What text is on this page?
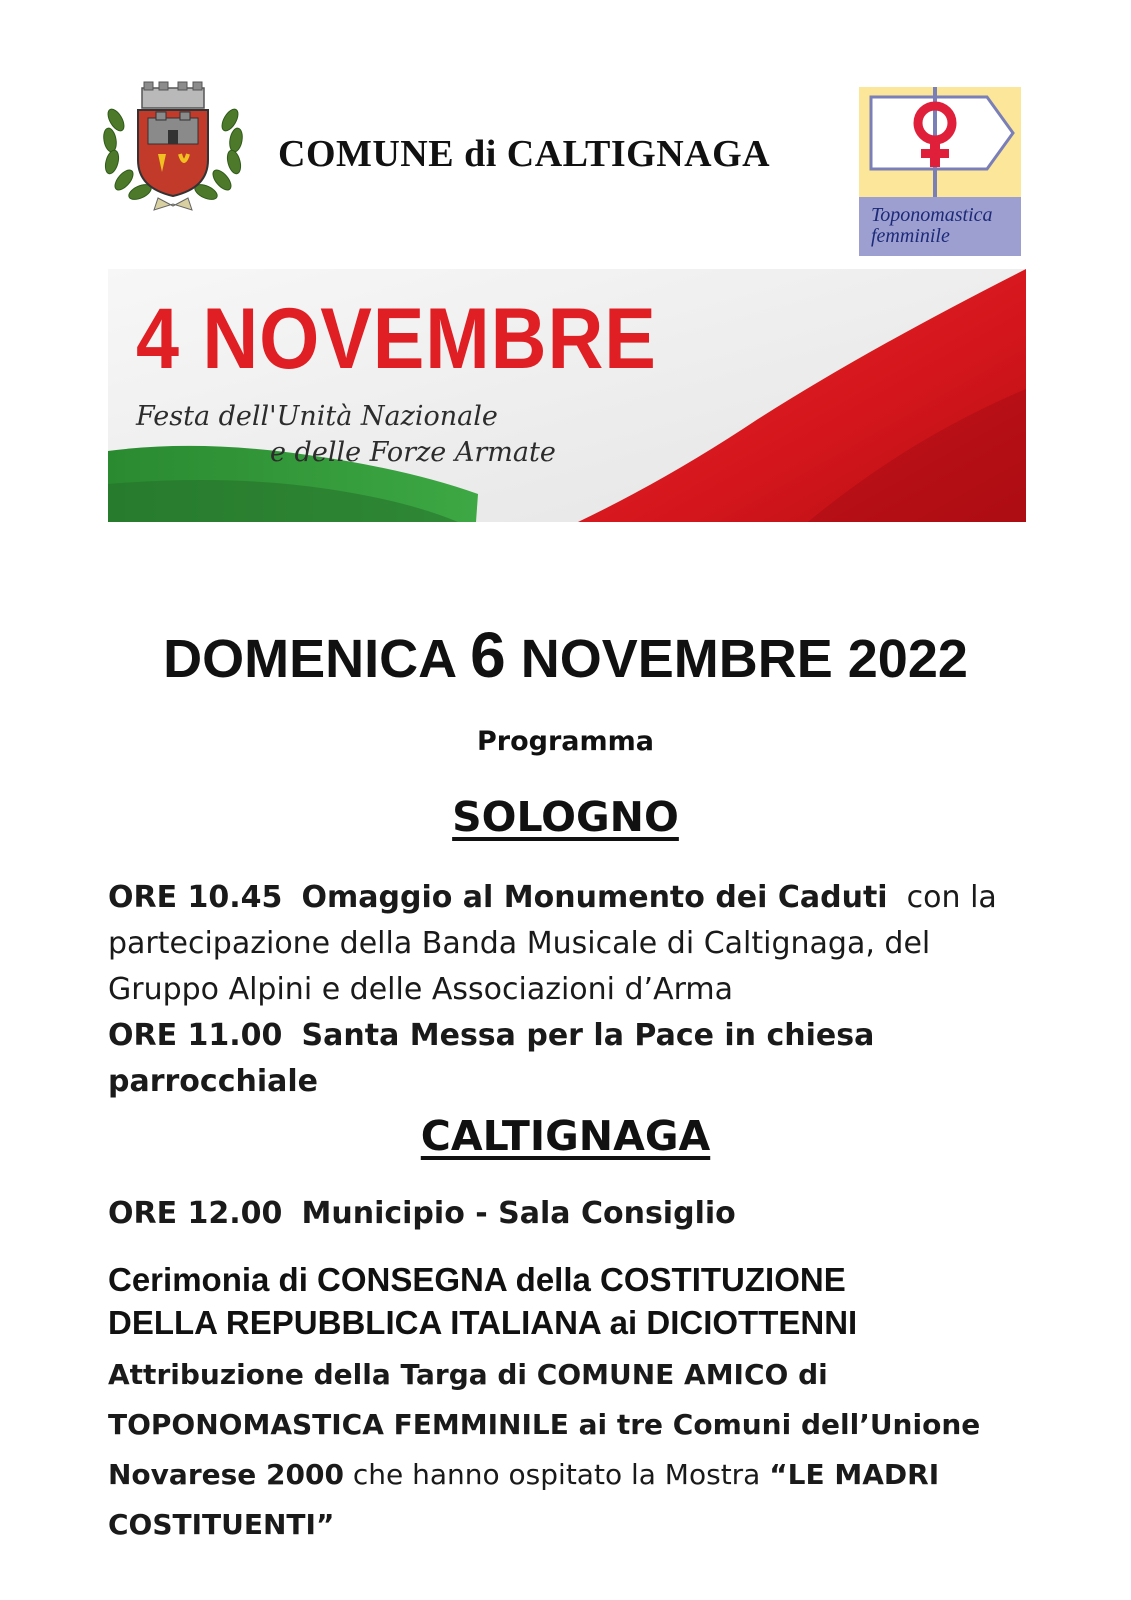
COMUNE di CALTIGNAGA
Toponomastica
femminile
4 NOVEMBRE
Festa dell'Unità Nazionale
e delle Forze Armate
DOMENICA 6 NOVEMBRE 2022
Programma
SOLOGNO

ORE 10.45 Omaggio al Monumento dei Caduti con la
partecipazione della Banda Musicale di Caltignaga, del
Gruppo Alpini e delle Associazioni d’Arma

ORE 11.00 Santa Messa per la Pace in chiesa parrocchiale

CALTIGNAGA

ORE 12.00 Municipio - Sala Consiglio

Cerimonia di CONSEGNA della COSTITUZIONE
DELLA REPUBBLICA ITALIANA ai DICIOTTENNI

Attribuzione della Targa di COMUNE AMICO di
TOPONOMASTICA FEMMINILE ai tre Comuni dell’Unione
Novarese 2000 che hanno ospitato la Mostra “LE MADRI
COSTITUENTI”
